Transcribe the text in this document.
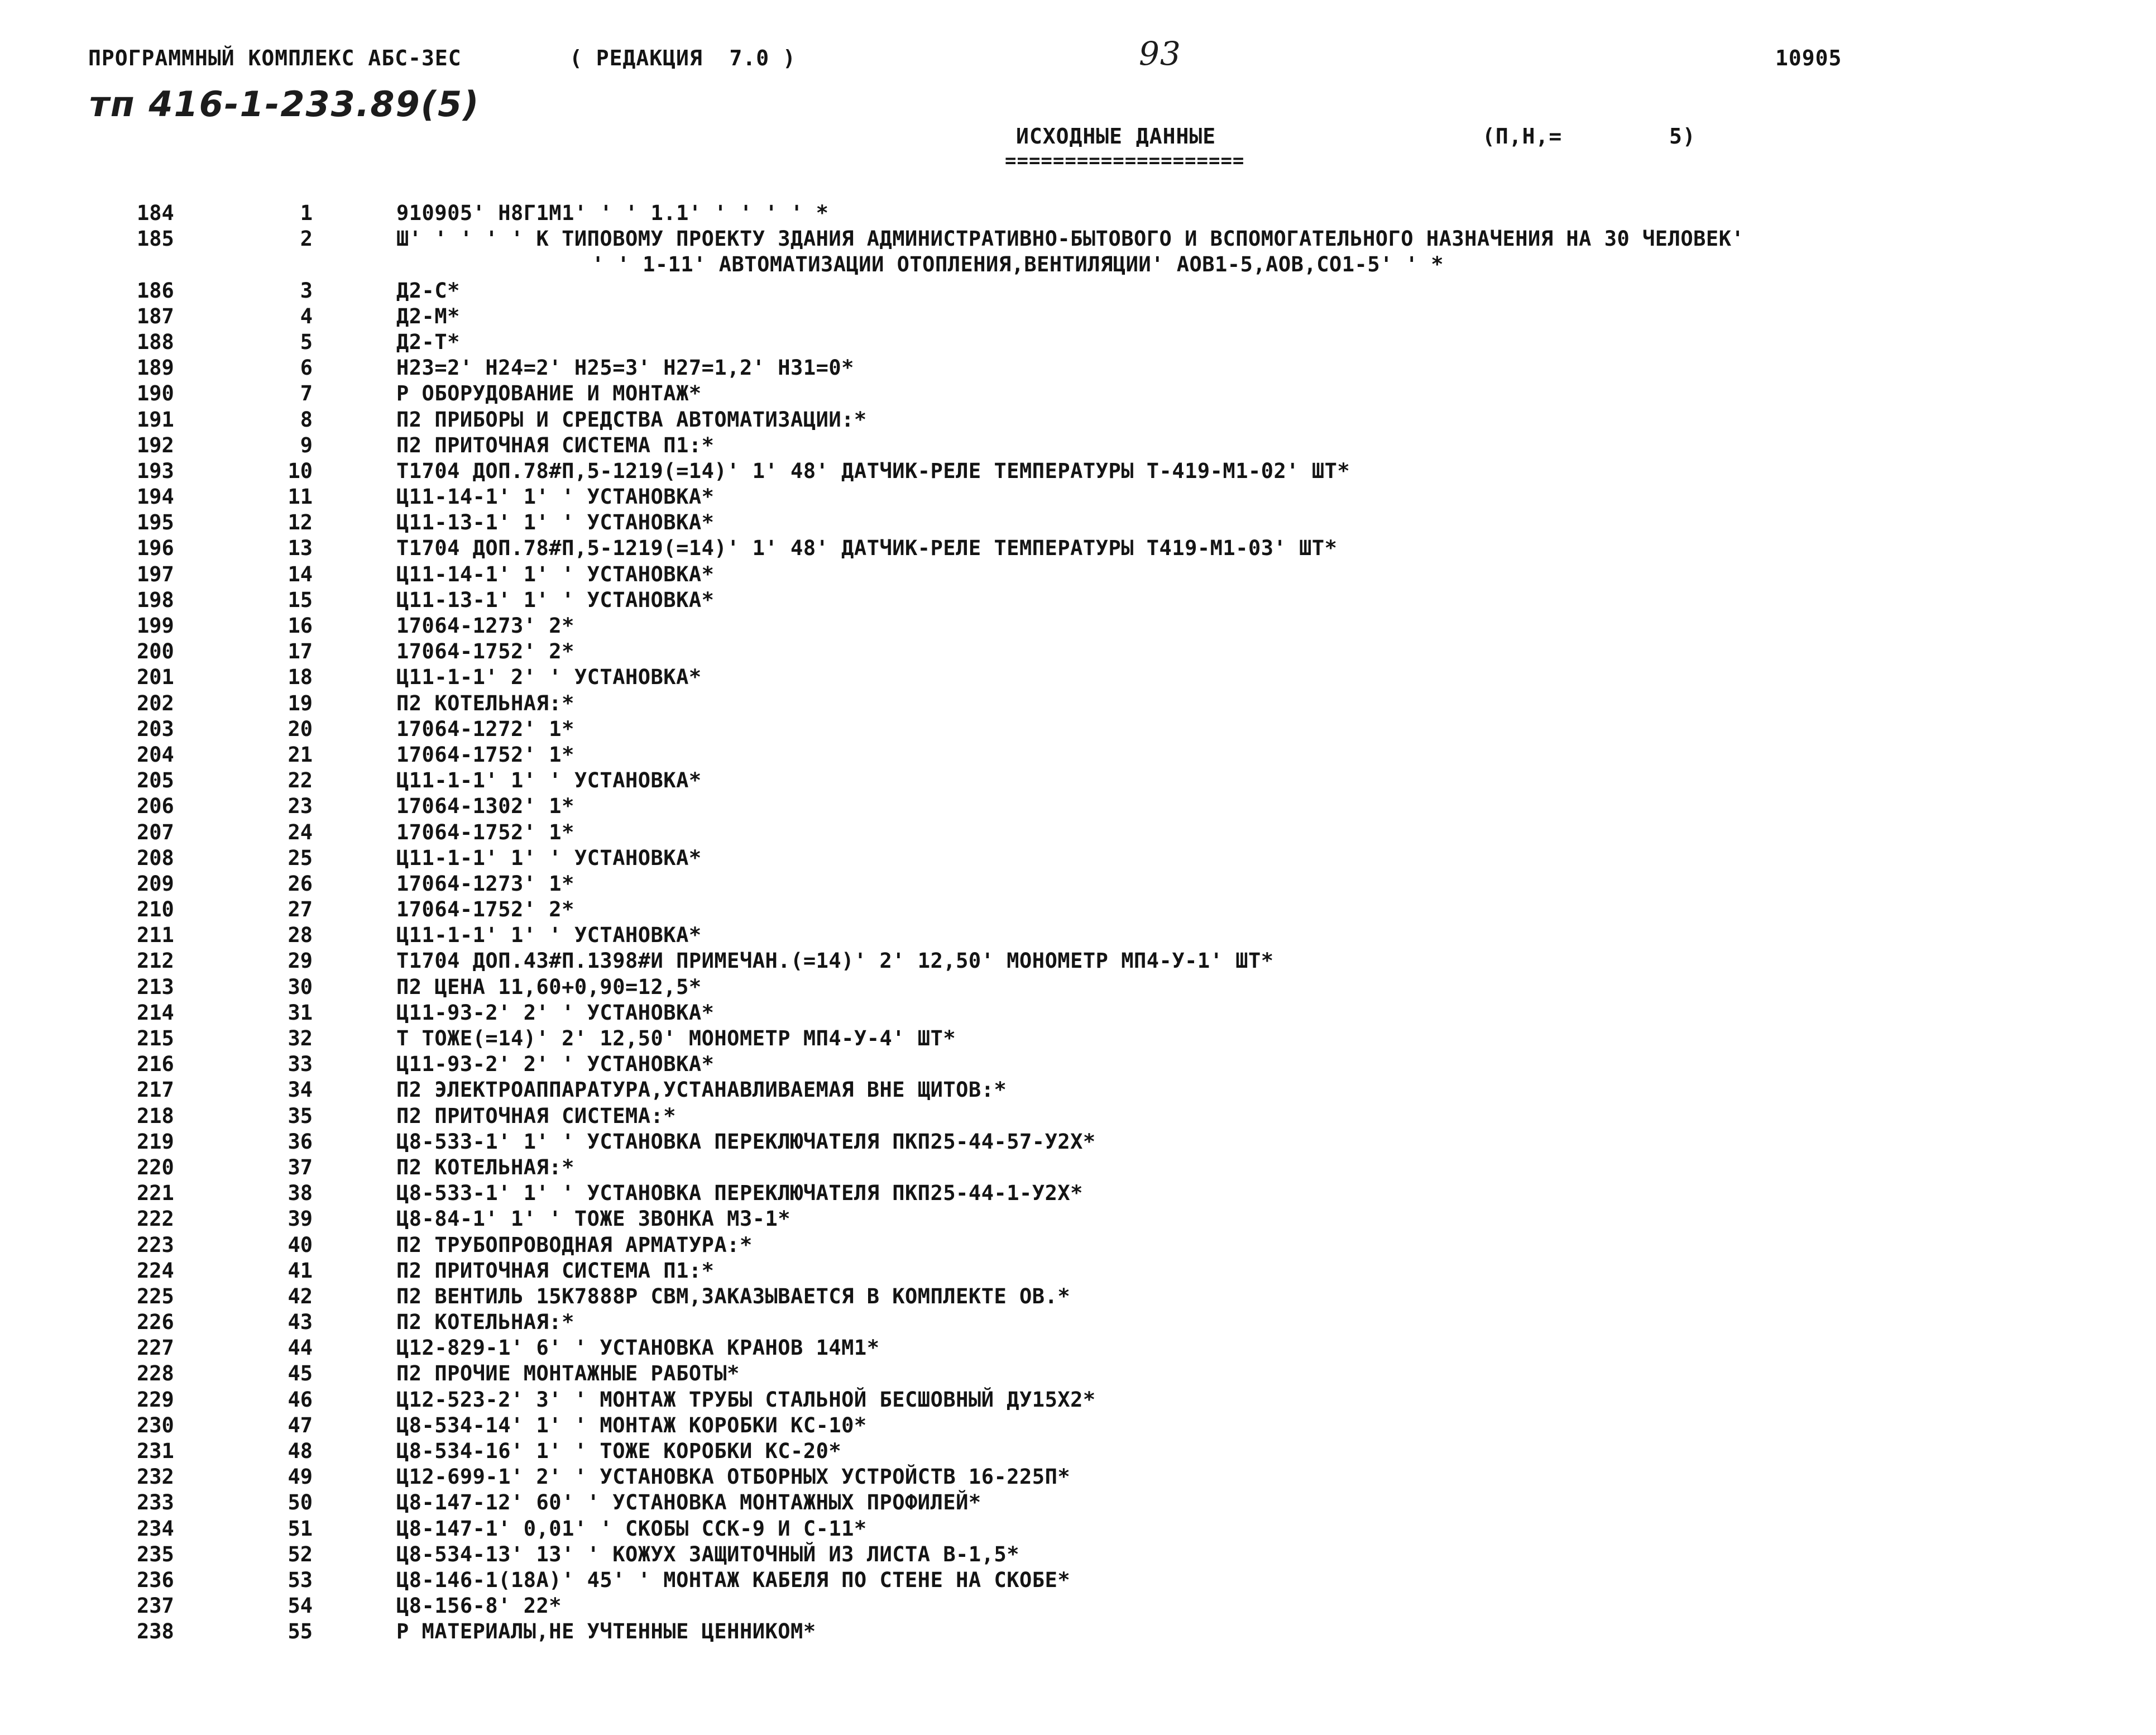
ПРОГРАММНЫЙ КОМПЛЕКС АБС-3ЕС	( РЕДАКЦИЯ  7.0 )	93	10905
тп 416-1-233.89(5)
ИСХОДНЫЕ ДАННЫЕ
====================
(П,Н,=	5)
184	1	910905' Н8Г1М1' ' ' 1.1' ' ' ' ' *
185	2	Ш' ' ' ' ' К ТИПОВОМУ ПРОЕКТУ ЗДАНИЯ АДМИНИСТРАТИВНО-БЫТОВОГО И ВСПОМОГАТЕЛЬНОГО НАЗНАЧЕНИЯ НА 30 ЧЕЛОВЕК'
' ' 1-11' АВТОМАТИЗАЦИИ ОТОПЛЕНИЯ,ВЕНТИЛЯЦИИ' АОВ1-5,АОВ,СО1-5' ' *
186	3	Д2-С*
187	4	Д2-М*
188	5	Д2-Т*
189	6	Н23=2' Н24=2' Н25=3' Н27=1,2' Н31=0*
190	7	Р ОБОРУДОВАНИЕ И МОНТАЖ*
191	8	П2 ПРИБОРЫ И СРЕДСТВА АВТОМАТИЗАЦИИ:*
192	9	П2 ПРИТОЧНАЯ СИСТЕМА П1:*
193	10	Т1704 ДОП.78#П,5-1219(=14)' 1' 48' ДАТЧИК-РЕЛЕ ТЕМПЕРАТУРЫ Т-419-М1-02' ШТ*
194	11	Ц11-14-1' 1' ' УСТАНОВКА*
195	12	Ц11-13-1' 1' ' УСТАНОВКА*
196	13	Т1704 ДОП.78#П,5-1219(=14)' 1' 48' ДАТЧИК-РЕЛЕ ТЕМПЕРАТУРЫ Т419-М1-03' ШТ*
197	14	Ц11-14-1' 1' ' УСТАНОВКА*
198	15	Ц11-13-1' 1' ' УСТАНОВКА*
199	16	17064-1273' 2*
200	17	17064-1752' 2*
201	18	Ц11-1-1' 2' ' УСТАНОВКА*
202	19	П2 КОТЕЛЬНАЯ:*
203	20	17064-1272' 1*
204	21	17064-1752' 1*
205	22	Ц11-1-1' 1' ' УСТАНОВКА*
206	23	17064-1302' 1*
207	24	17064-1752' 1*
208	25	Ц11-1-1' 1' ' УСТАНОВКА*
209	26	17064-1273' 1*
210	27	17064-1752' 2*
211	28	Ц11-1-1' 1' ' УСТАНОВКА*
212	29	Т1704 ДОП.43#П.1398#И ПРИМЕЧАН.(=14)' 2' 12,50' МОНОМЕТР МП4-У-1' ШТ*
213	30	П2 ЦЕНА 11,60+0,90=12,5*
214	31	Ц11-93-2' 2' ' УСТАНОВКА*
215	32	Т ТОЖЕ(=14)' 2' 12,50' МОНОМЕТР МП4-У-4' ШТ*
216	33	Ц11-93-2' 2' ' УСТАНОВКА*
217	34	П2 ЭЛЕКТРОАППАРАТУРА,УСТАНАВЛИВАЕМАЯ ВНЕ ЩИТОВ:*
218	35	П2 ПРИТОЧНАЯ СИСТЕМА:*
219	36	Ц8-533-1' 1' ' УСТАНОВКА ПЕРЕКЛЮЧАТЕЛЯ ПКП25-44-57-У2Х*
220	37	П2 КОТЕЛЬНАЯ:*
221	38	Ц8-533-1' 1' ' УСТАНОВКА ПЕРЕКЛЮЧАТЕЛЯ ПКП25-44-1-У2Х*
222	39	Ц8-84-1' 1' ' ТОЖЕ ЗВОНКА МЗ-1*
223	40	П2 ТРУБОПРОВОДНАЯ АРМАТУРА:*
224	41	П2 ПРИТОЧНАЯ СИСТЕМА П1:*
225	42	П2 ВЕНТИЛЬ 15К7888Р СВМ,ЗАКАЗЫВАЕТСЯ В КОМПЛЕКТЕ ОВ.*
226	43	П2 КОТЕЛЬНАЯ:*
227	44	Ц12-829-1' 6' ' УСТАНОВКА КРАНОВ 14М1*
228	45	П2 ПРОЧИЕ МОНТАЖНЫЕ РАБОТЫ*
229	46	Ц12-523-2' 3' ' МОНТАЖ ТРУБЫ СТАЛЬНОЙ БЕСШОВНЫЙ ДУ15Х2*
230	47	Ц8-534-14' 1' ' МОНТАЖ КОРОБКИ КС-10*
231	48	Ц8-534-16' 1' ' ТОЖЕ КОРОБКИ КС-20*
232	49	Ц12-699-1' 2' ' УСТАНОВКА ОТБОРНЫХ УСТРОЙСТВ 16-225П*
233	50	Ц8-147-12' 60' ' УСТАНОВКА МОНТАЖНЫХ ПРОФИЛЕЙ*
234	51	Ц8-147-1' 0,01' ' СКОБЫ ССК-9 И С-11*
235	52	Ц8-534-13' 13' ' КОЖУХ ЗАЩИТОЧНЫЙ ИЗ ЛИСТА В-1,5*
236	53	Ц8-146-1(18А)' 45' ' МОНТАЖ КАБЕЛЯ ПО СТЕНЕ НА СКОБЕ*
237	54	Ц8-156-8' 22*
238	55	Р МАТЕРИАЛЫ,НЕ УЧТЕННЫЕ ЦЕННИКОМ*
